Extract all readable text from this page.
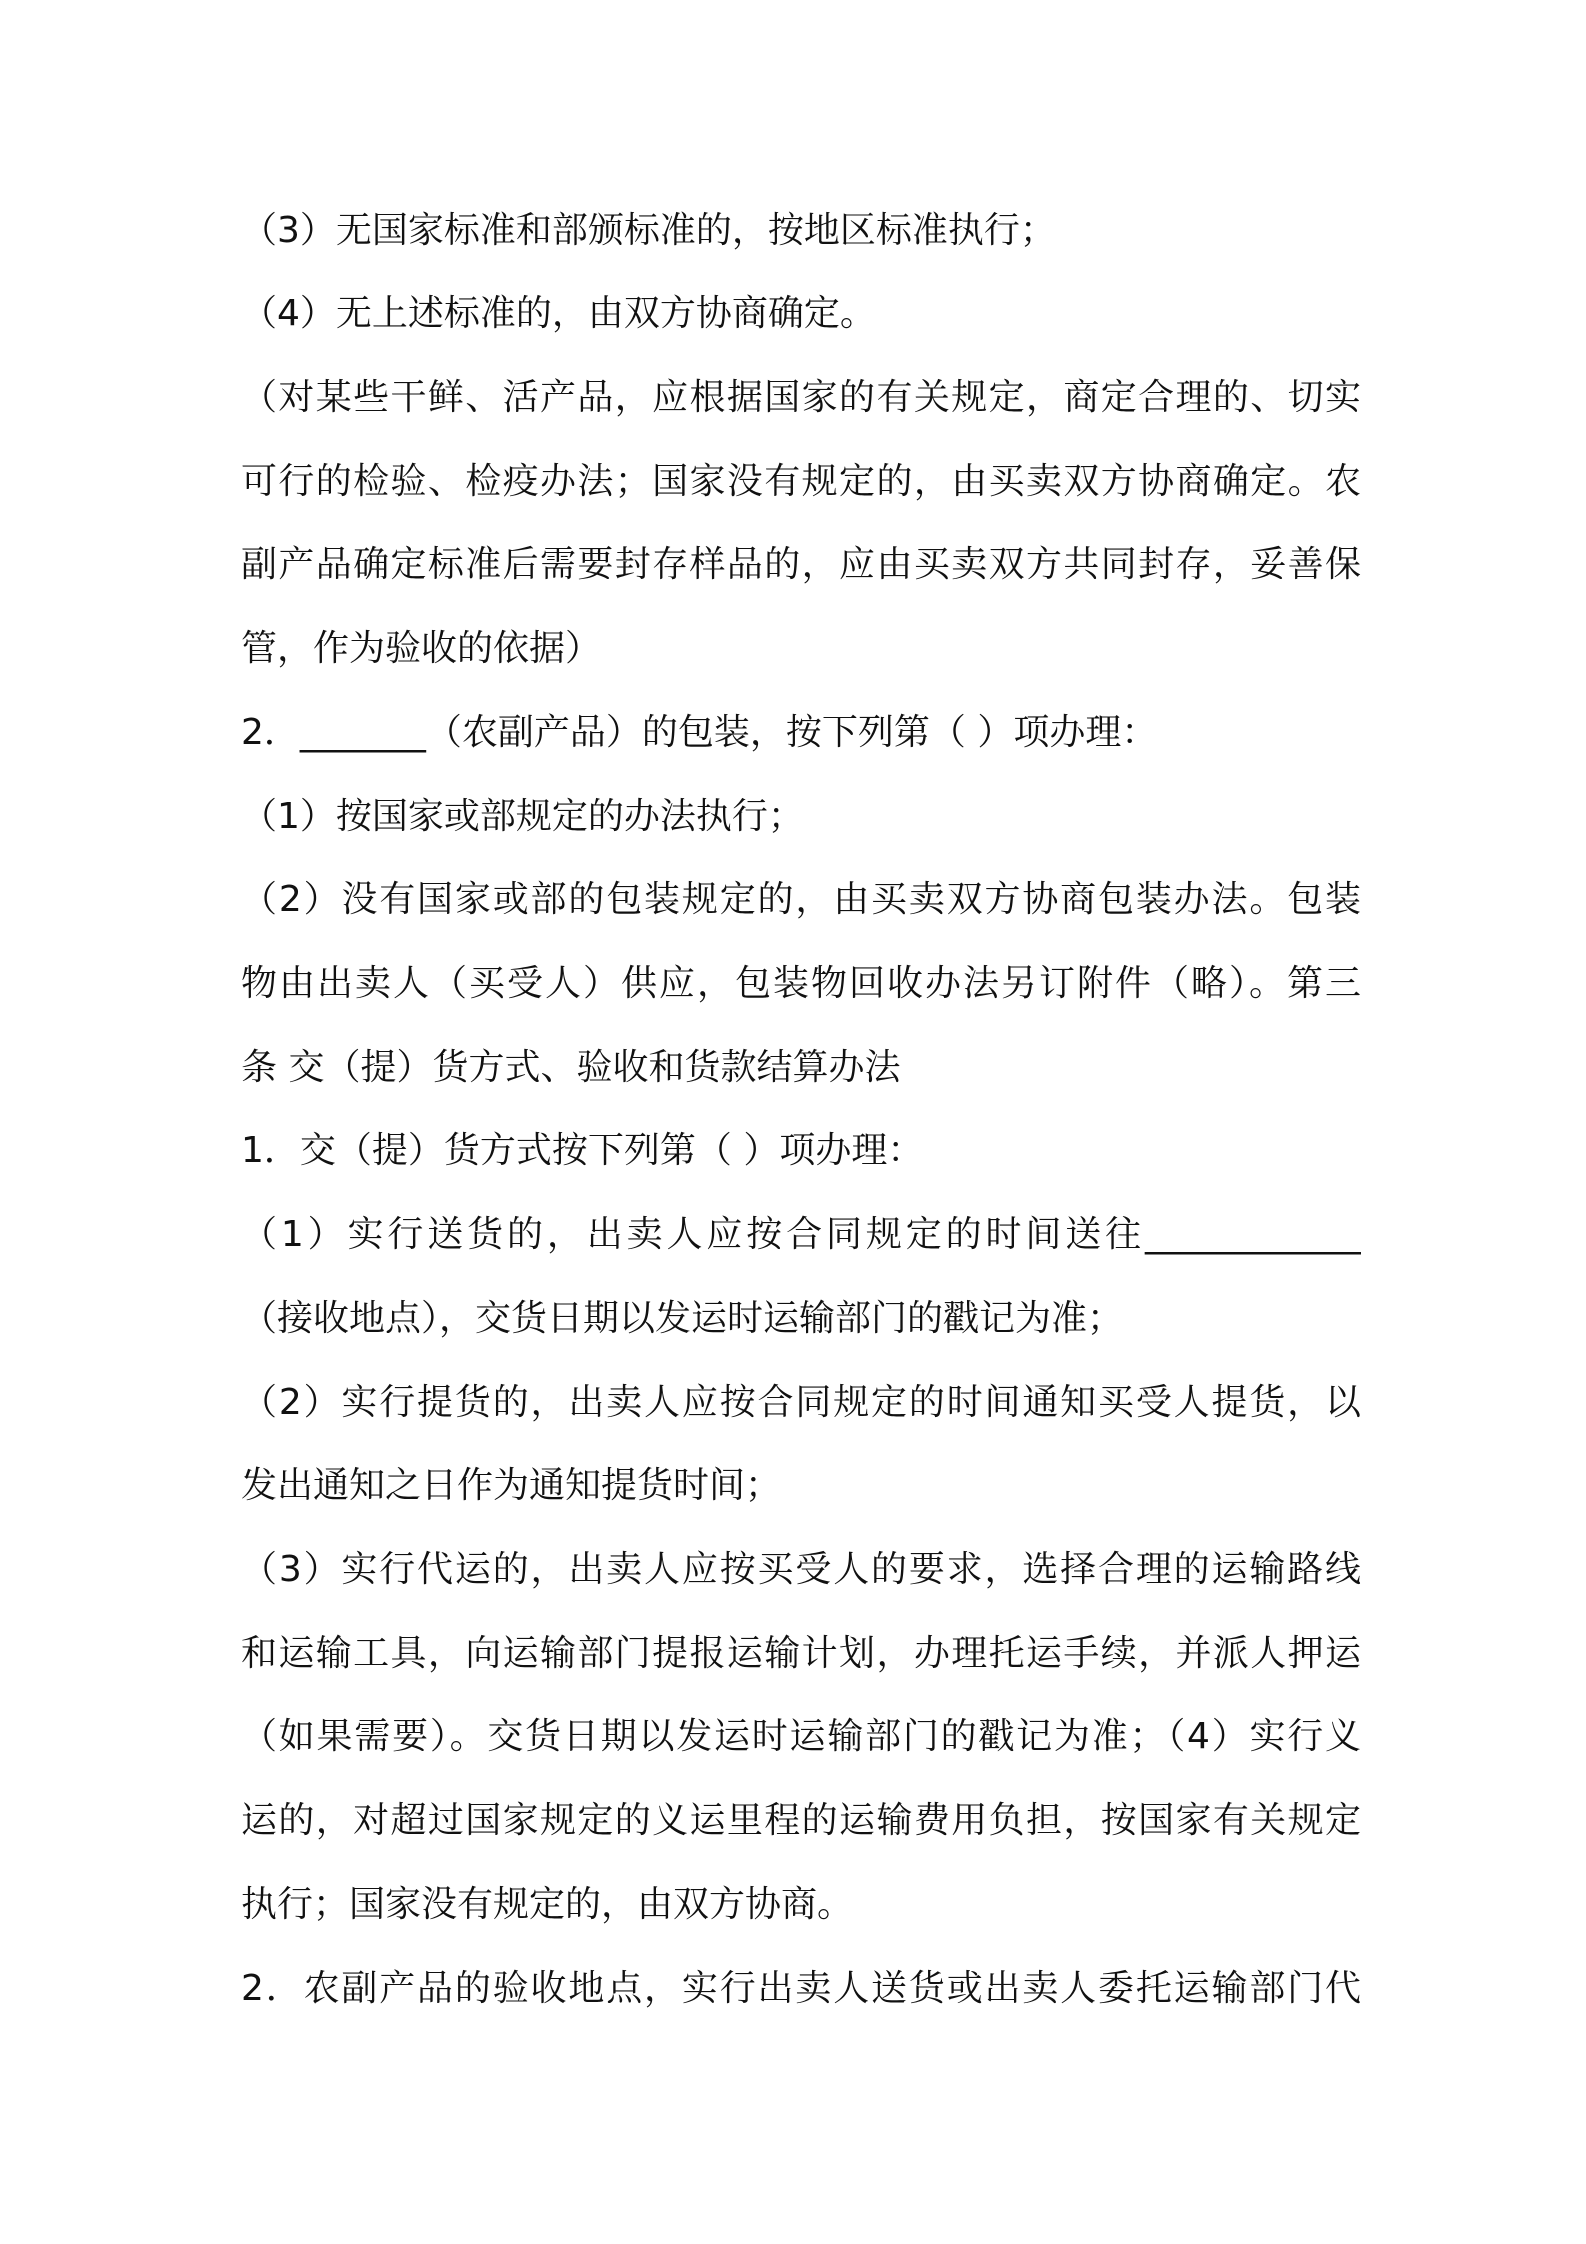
（3）无国家标准和部颁标准的，按地区标准执行；
（4）无上述标准的，由双方协商确定。
（对某些干鲜、活产品，应根据国家的有关规定，商定合理的、切实
可行的检验、检疫办法；国家没有规定的，由买卖双方协商确定。农
副产品确定标准后需要封存样品的，应由买卖双方共同封存，妥善保
管，作为验收的依据）
2．_______（农副产品）的包装，按下列第（ ）项办理：
（1）按国家或部规定的办法执行；
（2）没有国家或部的包装规定的，由买卖双方协商包装办法。包装
物由出卖人（买受人）供应，包装物回收办法另订附件（略）。第三
条 交（提）货方式、验收和货款结算办法
1．交（提）货方式按下列第（ ）项办理：
（1）实行送货的，出卖人应按合同规定的时间送往____________
（接收地点），交货日期以发运时运输部门的戳记为准；
（2）实行提货的，出卖人应按合同规定的时间通知买受人提货，以
发出通知之日作为通知提货时间；
（3）实行代运的，出卖人应按买受人的要求，选择合理的运输路线
和运输工具，向运输部门提报运输计划，办理托运手续，并派人押运
（如果需要）。交货日期以发运时运输部门的戳记为准；（4）实行义
运的，对超过国家规定的义运里程的运输费用负担，按国家有关规定
执行；国家没有规定的，由双方协商。
2．农副产品的验收地点，实行出卖人送货或出卖人委托运输部门代
